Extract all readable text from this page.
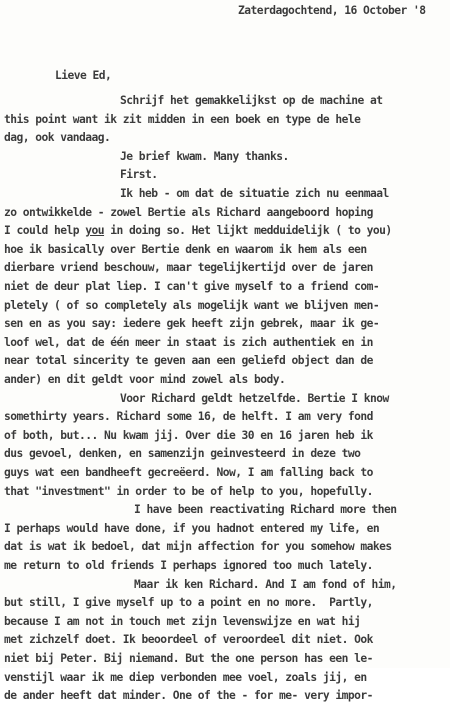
Zaterdagochtend, 16 October '8
Lieve Ed,
Schrijf het gemakkelijkst op de machine at
this point want ik zit midden in een boek en type de hele
dag, ook vandaag.
Je brief kwam. Many thanks.
First.
Ik heb - om dat de situatie zich nu eenmaal
zo ontwikkelde - zowel Bertie als Richard aangeboord hoping
I could help you in doing so. Het lijkt medduidelijk ( to you)
hoe ik basically over Bertie denk en waarom ik hem als een
dierbare vriend beschouw, maar tegelijkertijd over de jaren
niet de deur plat liep. I can't give myself to a friend com-
pletely ( of so completely als mogelijk want we blijven men-
sen en as you say: iedere gek heeft zijn gebrek, maar ik ge-
loof wel, dat de één meer in staat is zich authentiek en in
near total sincerity te geven aan een geliefd object dan de
ander) en dit geldt voor mind zowel als body.
Voor Richard geldt hetzelfde. Bertie I know
somethirty years. Richard some 16, de helft. I am very fond
of both, but... Nu kwam jij. Over die 30 en 16 jaren heb ik
dus gevoel, denken, en samenzijn geinvesteerd in deze two
guys wat een bandheeft gecreëerd. Now, I am falling back to
that "investment" in order to be of help to you, hopefully.
I have been reactivating Richard more then
I perhaps would have done, if you hadnot entered my life, en
dat is wat ik bedoel, dat mijn affection for you somehow makes
me return to old friends I perhaps ignored too much lately.
Maar ik ken Richard. And I am fond of him,
but still, I give myself up to a point en no more.  Partly,
because I am not in touch met zijn levenswijze en wat hij
met zichzelf doet. Ik beoordeel of veroordeel dit niet. Ook
niet bij Peter. Bij niemand. But the one person has een le-
venstijl waar ik me diep verbonden mee voel, zoals jij, en
de ander heeft dat minder. One of the - for me- very impor-
